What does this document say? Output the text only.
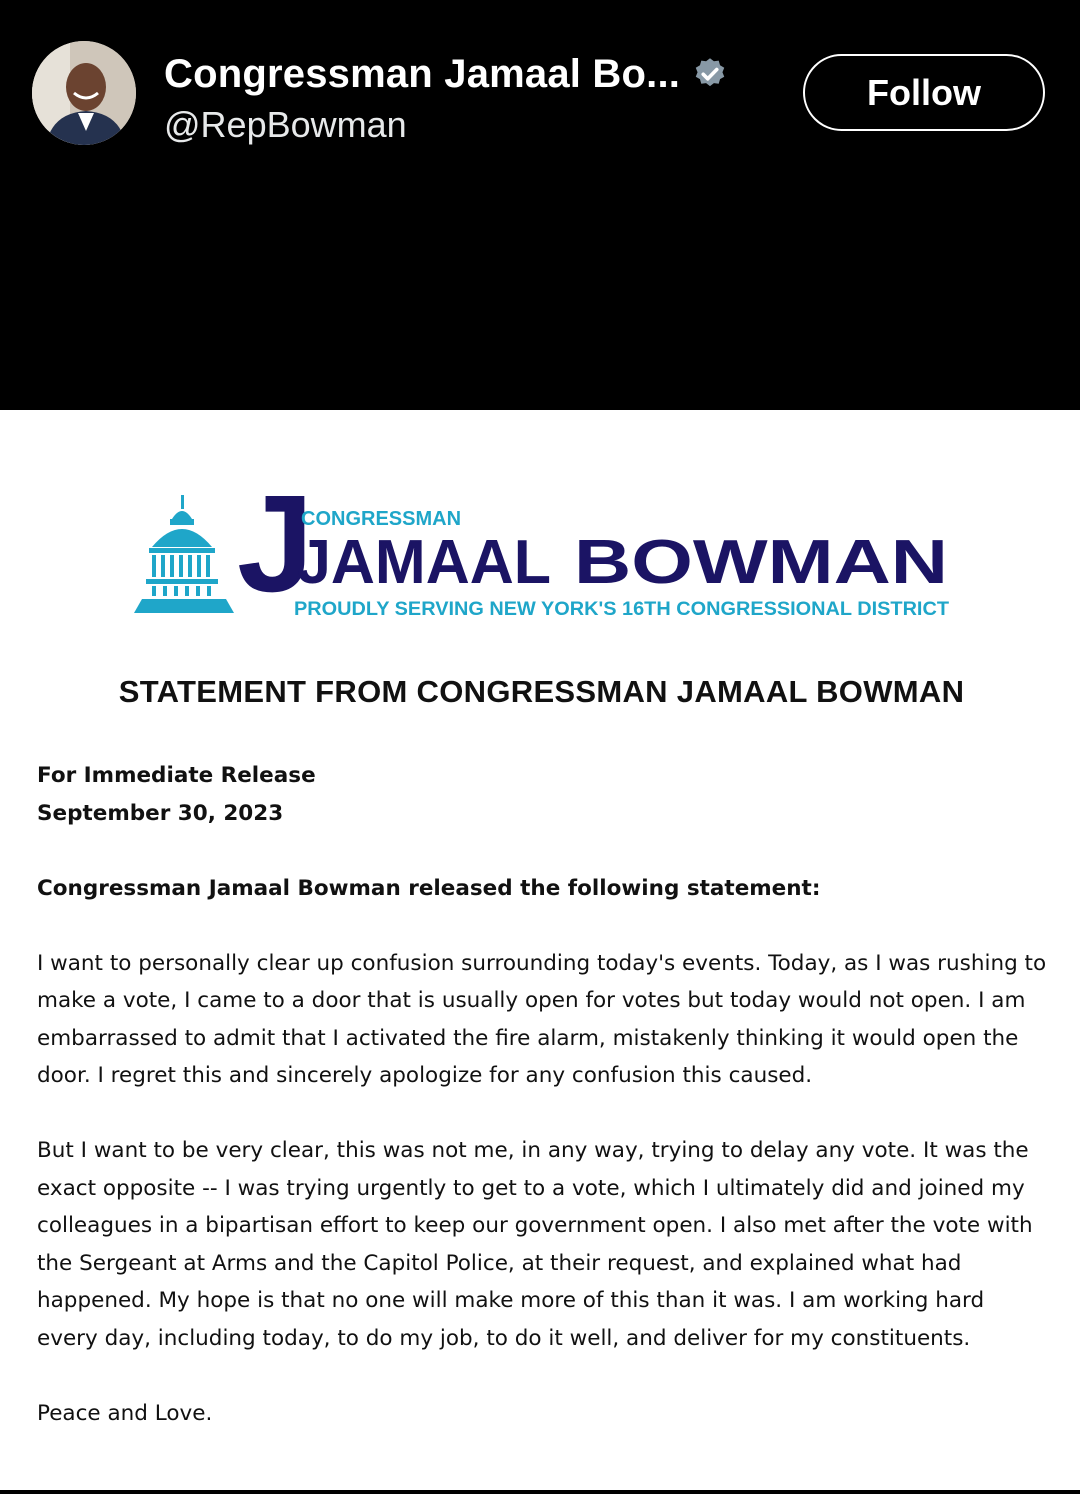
Congressman Jamaal Bo...
@RepBowman
Follow
J
CONGRESSMAN
JAMAAL BOWMAN
PROUDLY SERVING NEW YORK'S 16TH CONGRESSIONAL DISTRICT
STATEMENT FROM CONGRESSMAN JAMAAL BOWMAN

For Immediate Release
September 30, 2023

Congressman Jamaal Bowman released the following statement:

I want to personally clear up confusion surrounding today's events. Today, as I was rushing to make a vote, I came to a door that is usually open for votes but today would not open. I am embarrassed to admit that I activated the fire alarm, mistakenly thinking it would open the door. I regret this and sincerely apologize for any confusion this caused.

But I want to be very clear, this was not me, in any way, trying to delay any vote. It was the exact opposite -- I was trying urgently to get to a vote, which I ultimately did and joined my colleagues in a bipartisan effort to keep our government open. I also met after the vote with the Sergeant at Arms and the Capitol Police, at their request, and explained what had happened. My hope is that no one will make more of this than it was. I am working hard every day, including today, to do my job, to do it well, and deliver for my constituents.

Peace and Love.
